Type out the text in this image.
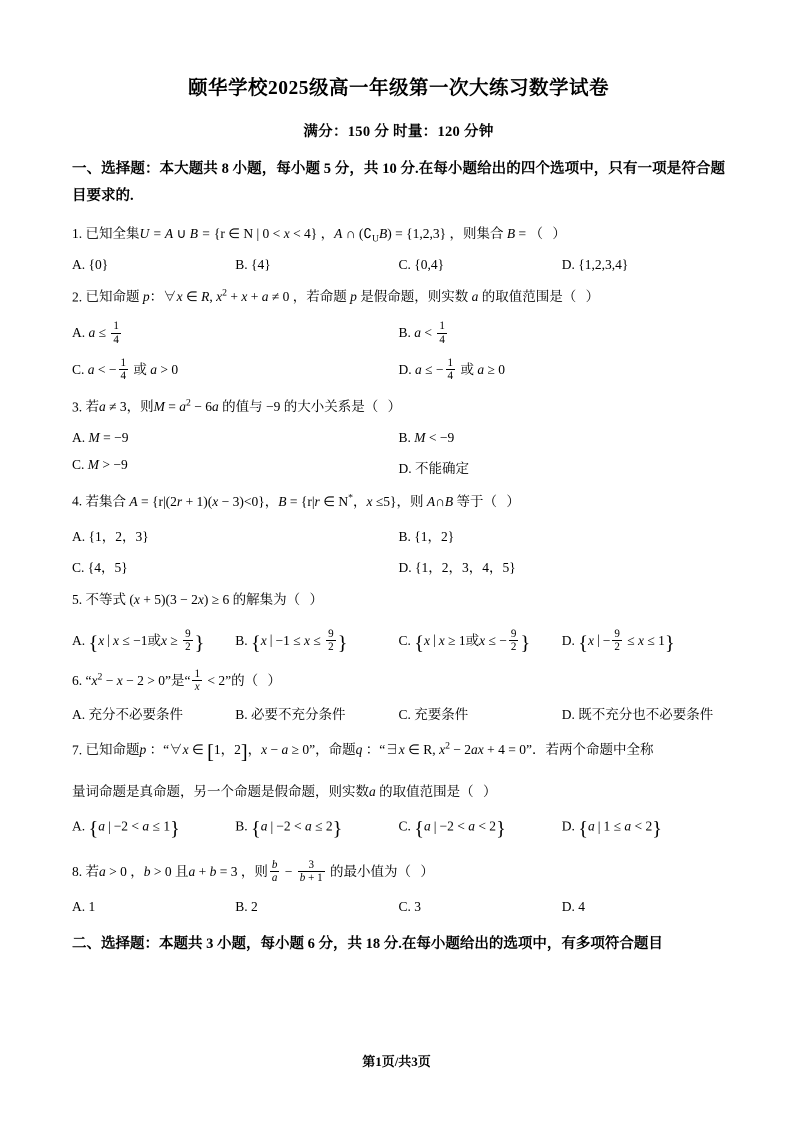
颐华学校2025级高一年级第一次大练习数学试卷
满分：150 分 时量：120 分钟
一、选择题：本大题共 8 小题，每小题 5 分，共 10 分.在每小题给出的四个选项中，只有一项是符合题目要求的.
1. 已知全集U = A ∪ B = {r ∈ N | 0 < x < 4} ，A ∩ $(∁_UB) = \{1,2,3\}$ ，则集合 B = （ ）
A. {0}	B. {4}	C. {0,4}	D. {1,2,3,4}
2. 已知命题 p：∀x ∈ R, $x^2 + x + a \ne 0$ ，若命题 p 是假命题，则实数 a 的取值范围是（ ）
A. $a \le \frac{1}{4}$	B. $a < \frac{1}{4}$
C. a < − $\frac{1}{4}$ 或 a > 0	D. a ≤ − $\frac{1}{4}$ 或 a ≥ 0
3. 若a ≠ 3，则$M = a^2 - 6a$ 的值与 −9 的大小关系是（ ）
A. M = −9	B. M < −9
C. M > −9	D. 不能确定
4. 若集合 A = {r|(2r + 1)(x − 3)<0}，B = {r|r ∈ N*，x ≤5}，则 A∩B 等于（ ）
A. {1，2，3}	B. {1，2}
C. {4，5}	D. {1，2，3，4，5}
5. 不等式 (x + 5)(3 − 2x) ≥ 6 的解集为（ ）
A. {x | x ≤ −1或$x \ge \frac{9}{2}$ }	B. {x | $-1 \le x \le \frac{9}{2}$ }	C. {x | x ≥ 1或x ≤ − $\frac{9}{2}$ }	D. {x | − $\frac{9}{2} \le x \le 1$}
6. “$x^2 - x - 2 > 0$”是“ $\frac{1}{x} < 2$”的（ ）
A. 充分不必要条件	B. 必要不充分条件	C. 充要条件	D. 既不充分也不必要条件
7. 已知命题p ：“∀x ∈ [1，2]，x − a ≥ 0”，命题q ：“∃x ∈ R, $x^2 - 2ax + 4 = 0$”．若两个命题中全称
量词命题是真命题，另一个命题是假命题，则实数a 的取值范围是（ ）
A. {a | −2 < a ≤ 1}	B. {a | −2 < a ≤ 2}	C. {a | −2 < a < 2}	D. {a | 1 ≤ a < 2}
8. 若a > 0 ，b > 0 且a + b = 3 ，则 $\frac{b}{a} - \frac{3}{b + 1}$ 的最小值为（ ）
A. 1	B. 2	C. 3	D. 4
二、选择题：本题共 3 小题，每小题 6 分，共 18 分.在每小题给出的选项中，有多项符合题目
第1页/共3页
